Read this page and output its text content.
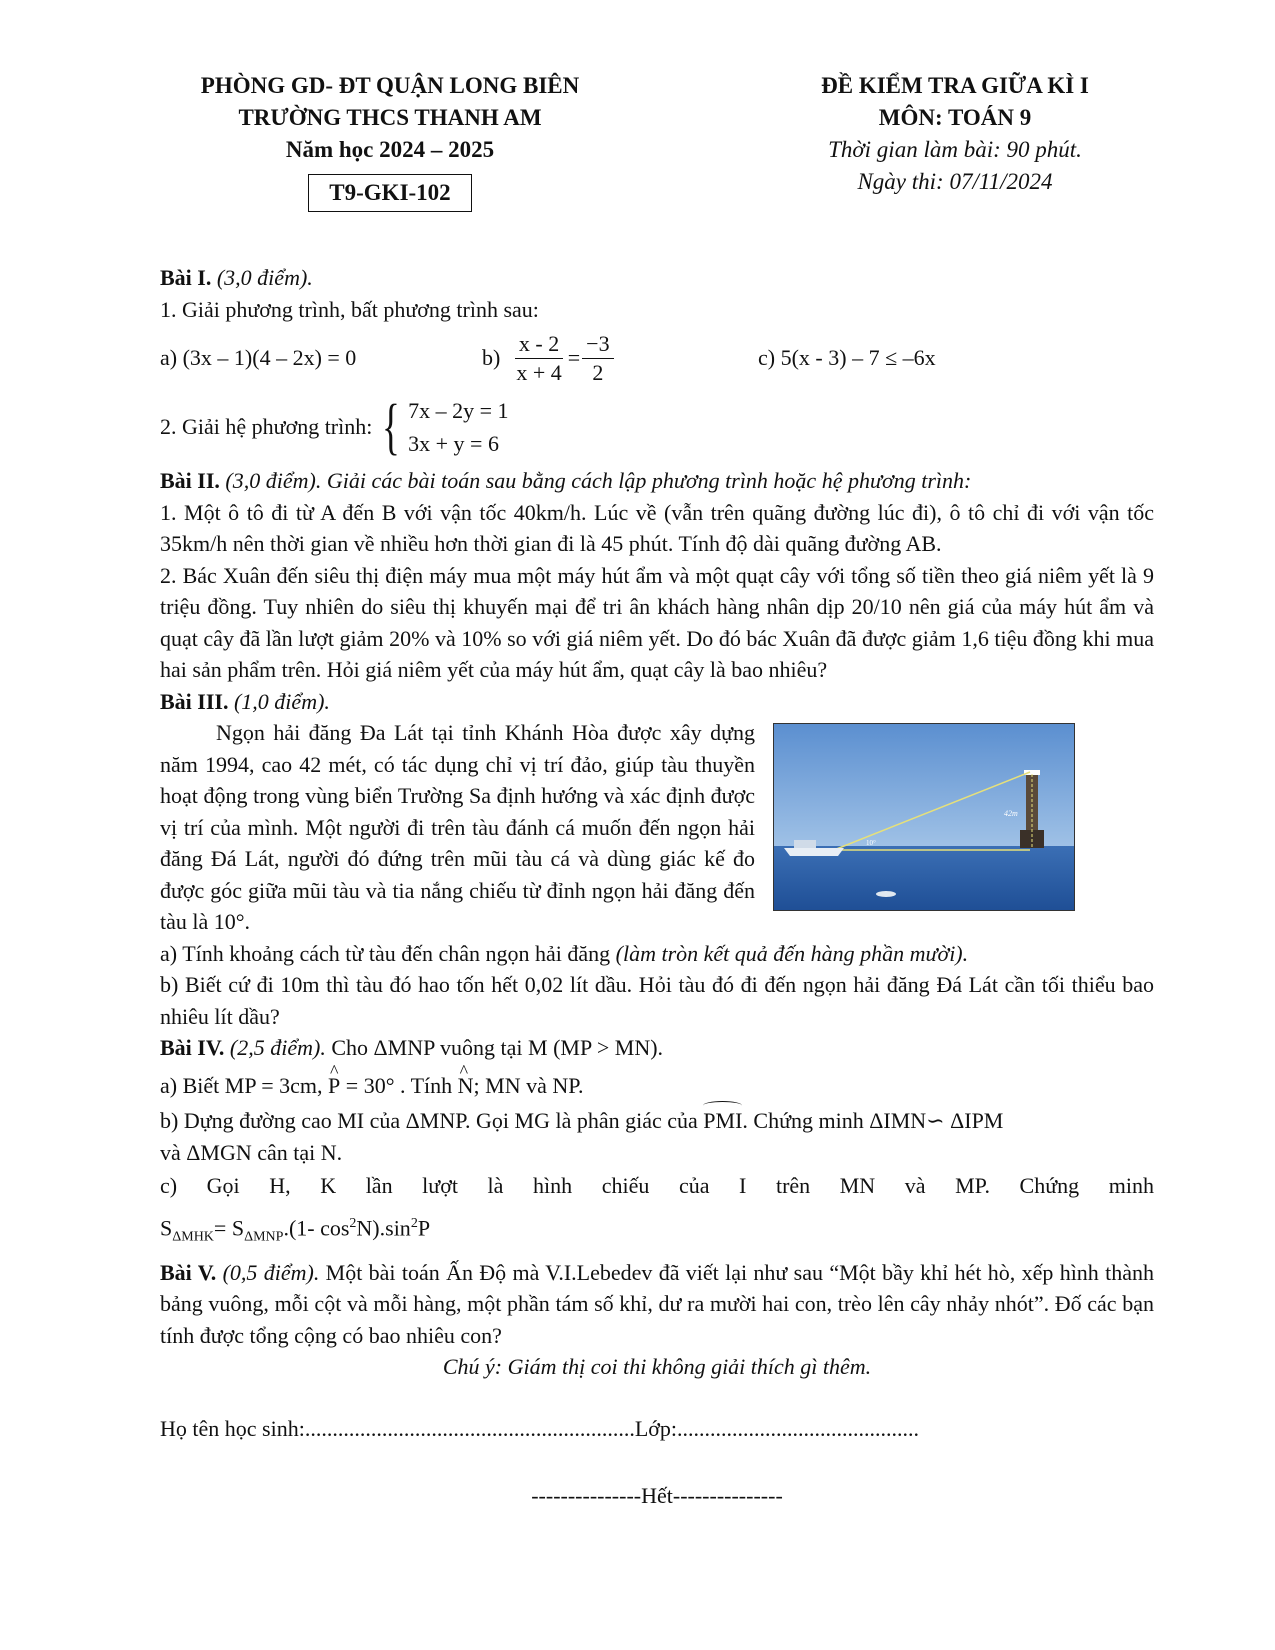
PHÒNG GD- ĐT QUẬN LONG BIÊN
TRƯỜNG THCS THANH AM
Năm học 2024 – 2025
T9-GKI-102
ĐỀ KIỂM TRA GIỮA KÌ I
MÔN: TOÁN 9
Thời gian làm bài: 90 phút.
Ngày thi: 07/11/2024

Bài I. (3,0 điểm).

1. Giải phương trình, bất phương trình sau:

a) (3x – 1)(4 – 2x) = 0	$b) \frac{x - 2}{x + 4} = \frac{-3}{2}$	c) 5(x - 3) – 7 ≤ –6x
2. Giải hệ phương trình: { 7x – 2y = 1
3x + y = 6

Bài II. (3,0 điểm). Giải các bài toán sau bằng cách lập phương trình hoặc hệ phương trình:

1. Một ô tô đi từ A đến B với vận tốc 40km/h. Lúc về (vẫn trên quãng đường lúc đi), ô tô chỉ đi với vận tốc 35km/h nên thời gian về nhiều hơn thời gian đi là 45 phút. Tính độ dài quãng đường AB.

2. Bác Xuân đến siêu thị điện máy mua một máy hút ẩm và một quạt cây với tổng số tiền theo giá niêm yết là 9 triệu đồng. Tuy nhiên do siêu thị khuyến mại để tri ân khách hàng nhân dịp 20/10 nên giá của máy hút ẩm và quạt cây đã lần lượt giảm 20% và 10% so với giá niêm yết. Do đó bác Xuân đã được giảm 1,6 tiệu đồng khi mua hai sản phẩm trên. Hỏi giá niêm yết của máy hút ẩm, quạt cây là bao nhiêu?

Bài III. (1,0 điểm).

Ngọn hải đăng Đa Lát tại tỉnh Khánh Hòa được xây dựng năm 1994, cao 42 mét, có tác dụng chỉ vị trí đảo, giúp tàu thuyền hoạt động trong vùng biển Trường Sa định hướng và xác định được vị trí của mình. Một người đi trên tàu đánh cá muốn đến ngọn hải đăng Đá Lát, người đó đứng trên mũi tàu cá và dùng giác kế đo được góc giữa mũi tàu và tia nắng chiếu từ đỉnh ngọn hải đăng đến tàu là 10°.
42m
10°

a) Tính khoảng cách từ tàu đến chân ngọn hải đăng (làm tròn kết quả đến hàng phần mười).

b) Biết cứ đi 10m thì tàu đó hao tốn hết 0,02 lít dầu. Hỏi tàu đó đi đến ngọn hải đăng Đá Lát cần tối thiểu bao nhiêu lít dầu?

Bài IV. (2,5 điểm). Cho ΔMNP vuông tại M (MP > MN).

a) Biết MP = 3cm, ^ P = 30° . Tính ^ N; MN và NP.

b) Dựng đường cao MI của ΔMNP. Gọi MG là phân giác của PMI. Chứng minh ΔIMN∽ ΔIPM

và ΔMGN cân tại N.

c) Gọi H, K lần lượt là hình chiếu của I trên MN và MP. Chứng minh

$S_{\Delta MHK}= S_{\Delta MNP}.(1-$ $\cos^2N).\sin^2P$

Bài V. (0,5 điểm). Một bài toán Ấn Độ mà V.I.Lebedev đã viết lại như sau “Một bầy khỉ hét hò, xếp hình thành bảng vuông, mỗi cột và mỗi hàng, một phần tám số khỉ, dư ra mười hai con, trèo lên cây nhảy nhót”. Đố các bạn tính được tổng cộng có bao nhiêu con?

Chú ý: Giám thị coi thi không giải thích gì thêm.

Họ tên học sinh:............................................................Lớp:............................................

---------------Hết---------------
